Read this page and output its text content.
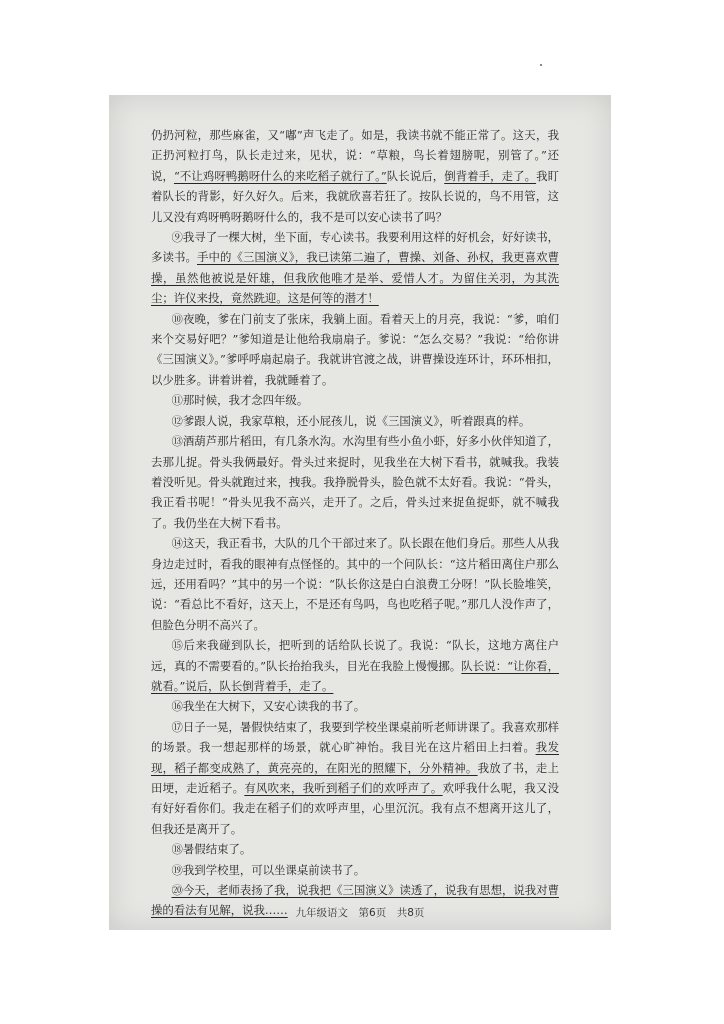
仍扔河粒，那些麻雀，又“嘟”声飞走了。如是，我读书就不能正常了。这天，我正扔河粒打鸟，队长走过来，见状，说：“草粮，鸟长着翅膀呢，别管了。”还说，“不让鸡呀鸭鹅呀什么的来吃稻子就行了。”队长说后，倒背着手，走了。我盯着队长的背影，好久好久。后来，我就欣喜若狂了。按队长说的，鸟不用管，这儿又没有鸡呀鸭呀鹅呀什么的，我不是可以安心读书了吗？

⑨我寻了一棵大树，坐下面，专心读书。我要利用这样的好机会，好好读书，多读书。手中的《三国演义》，我已读第二遍了，曹操、刘备、孙权，我更喜欢曹操，虽然他被说是奸雄，但我欣他唯才是举、爱惜人才。为留住关羽，为其洗尘；许仪来投，竟然跣迎。这是何等的潜才！

⑩夜晚，爹在门前支了张床，我躺上面。看着天上的月亮，我说：“爹，咱们来个交易好吧？”爹知道是让他给我扇扇子。爹说：“怎么交易？”我说：“给你讲《三国演义》。”爹呼呼扇起扇子。我就讲官渡之战，讲曹操设连环计，环环相扣，以少胜多。讲着讲着，我就睡着了。

⑪那时候，我才念四年级。

⑫爹跟人说，我家草粮，还小屁孩儿，说《三国演义》，听着跟真的样。

⑬酒葫芦那片稻田，有几条水沟。水沟里有些小鱼小虾，好多小伙伴知道了，去那儿捉。骨头我俩最好。骨头过来捉时，见我坐在大树下看书，就喊我。我装着没听见。骨头就跑过来，拽我。我挣脱骨头，脸色就不太好看。我说：“骨头，我正看书呢！”骨头见我不高兴，走开了。之后，骨头过来捉鱼捉虾，就不喊我了。我仍坐在大树下看书。

⑭这天，我正看书，大队的几个干部过来了。队长跟在他们身后。那些人从我身边走过时，看我的眼神有点怪怪的。其中的一个问队长：“这片稻田离住户那么远，还用看吗？”其中的另一个说：“队长你这是白白浪费工分呀！”队长脸堆笑，说：“看总比不看好，这天上，不是还有鸟吗，鸟也吃稻子呢。”那几人没作声了，但脸色分明不高兴了。

⑮后来我碰到队长，把听到的话给队长说了。我说：“队长，这地方离住户远，真的不需要看的。”队长抬抬我头，目光在我脸上慢慢挪。队长说：“让你看，就看。”说后，队长倒背着手，走了。

⑯我坐在大树下，又安心读我的书了。

⑰日子一晃，暑假快结束了，我要到学校坐课桌前听老师讲课了。我喜欢那样的场景。我一想起那样的场景，就心旷神怡。我目光在这片稻田上扫着。我发现，稻子都变成熟了，黄亮亮的，在阳光的照耀下，分外精神。我放了书，走上田埂，走近稻子。有风吹来，我听到稻子们的欢呼声了。欢呼我什么呢，我又没有好好看你们。我走在稻子们的欢呼声里，心里沉沉。我有点不想离开这儿了，但我还是离开了。

⑱暑假结束了。

⑲我到学校里，可以坐课桌前读书了。

⑳今天，老师表扬了我，说我把《三国演义》读透了，说我有思想，说我对曹操的看法有见解，说我…… 九年级语文　第6页　共8页
